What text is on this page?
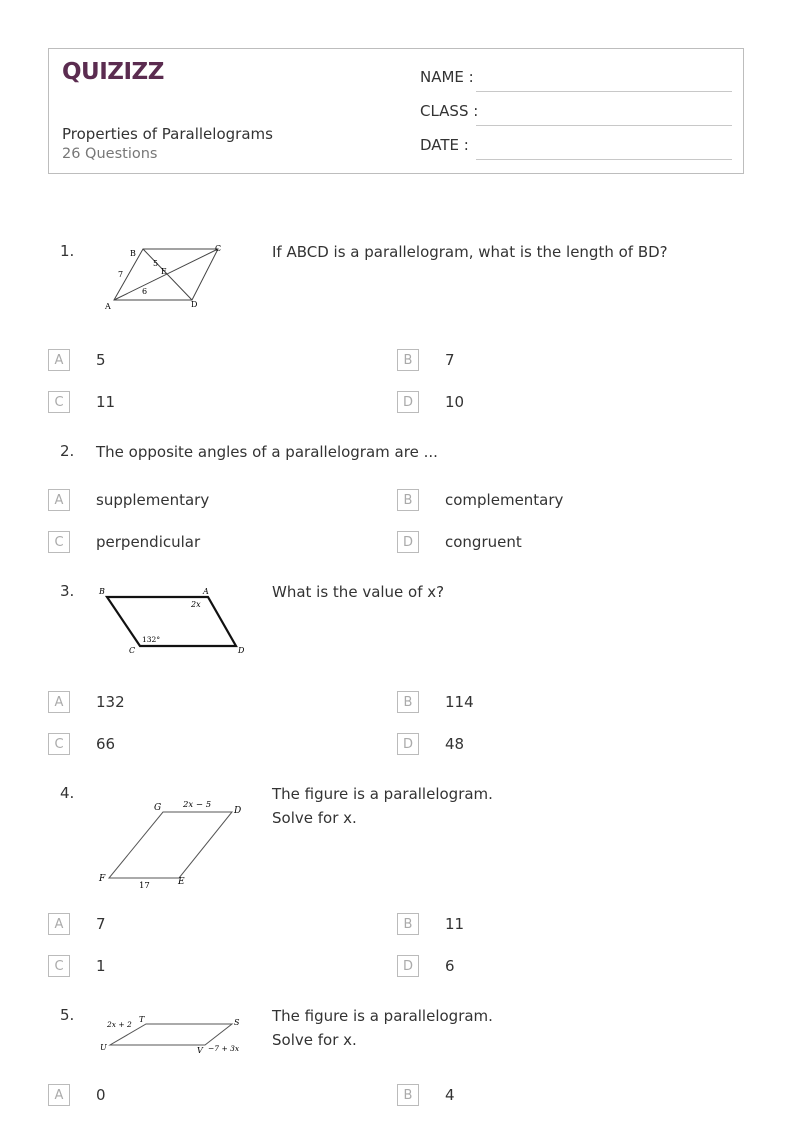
QUIZIZZ
Properties of Parallelograms
26 Questions
NAME :
CLASS :
DATE :
1.	B
C
A	D
E
5
7
6
If ABCD is a parallelogram, what is the length of BD?
A	5	B	7
C	11	D	10
2. The opposite angles of a parallelogram are ...
A	supplementary	B	complementary
C	perpendicular	D	congruent
3.	B	A
C	D
2x
132°
What is the value of x?
A	132	B	114
C	66	D	48
4.
G	D
F	E
2x − 5
17
The figure is a parallelogram.
Solve for x.
A	7	B	11
C	1	D	6
5.	T	S
U	V
2x + 2
−7 + 3x
The figure is a parallelogram.
Solve for x.
A	0	B	4
